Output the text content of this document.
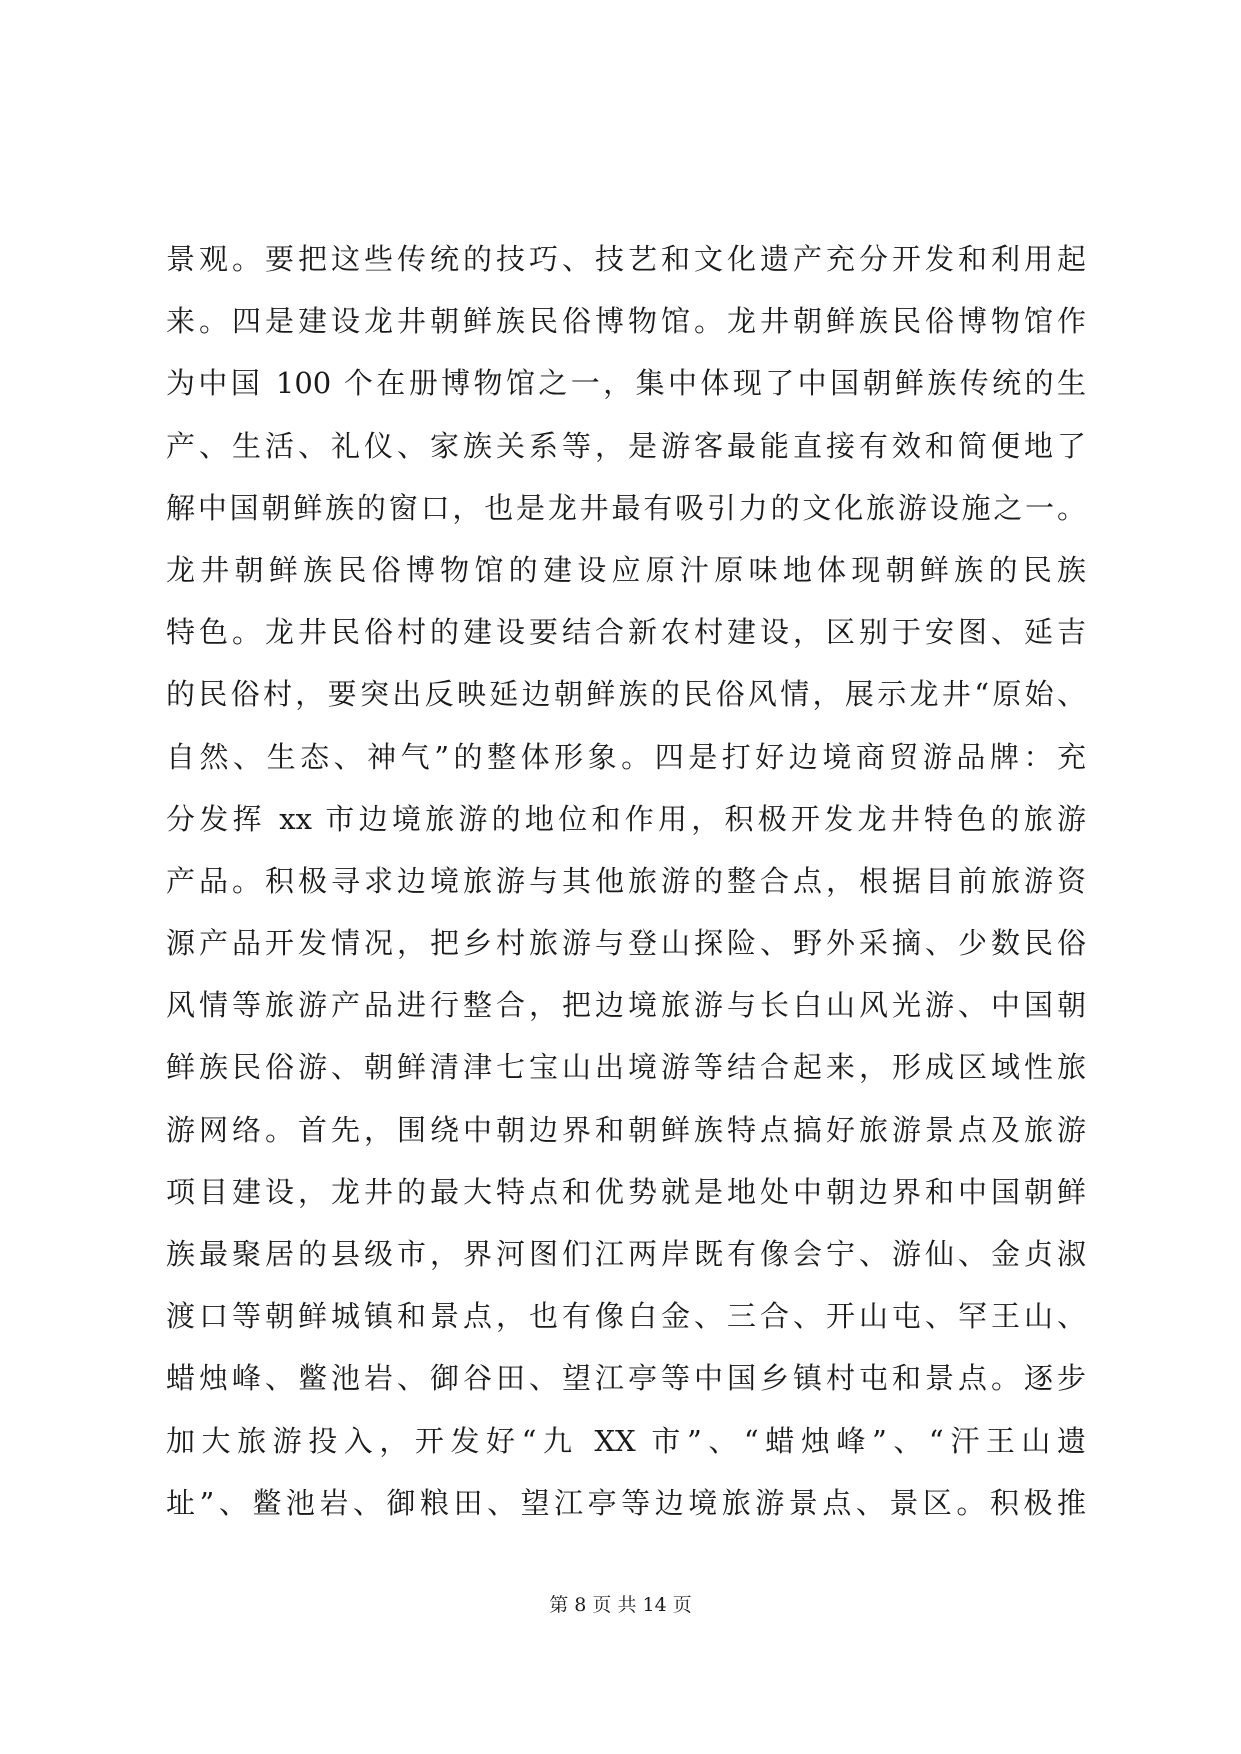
景观。要把这些传统的技巧、技艺和文化遗产充分开发和利用起
来。四是建设龙井朝鲜族民俗博物馆。龙井朝鲜族民俗博物馆作
为中国 100 个在册博物馆之一，集中体现了中国朝鲜族传统的生
产、生活、礼仪、家族关系等，是游客最能直接有效和简便地了
解中国朝鲜族的窗口，也是龙井最有吸引力的文化旅游设施之一。
龙井朝鲜族民俗博物馆的建设应原汁原味地体现朝鲜族的民族
特色。龙井民俗村的建设要结合新农村建设，区别于安图、延吉
的民俗村，要突出反映延边朝鲜族的民俗风情，展示龙井“原始、
自然、生态、神气”的整体形象。四是打好边境商贸游品牌：充
分发挥 xx 市边境旅游的地位和作用，积极开发龙井特色的旅游
产品。积极寻求边境旅游与其他旅游的整合点，根据目前旅游资
源产品开发情况，把乡村旅游与登山探险、野外采摘、少数民俗
风情等旅游产品进行整合，把边境旅游与长白山风光游、中国朝
鲜族民俗游、朝鲜清津七宝山出境游等结合起来，形成区域性旅
游网络。首先，围绕中朝边界和朝鲜族特点搞好旅游景点及旅游
项目建设，龙井的最大特点和优势就是地处中朝边界和中国朝鲜
族最聚居的县级市，界河图们江两岸既有像会宁、游仙、金贞淑
渡口等朝鲜城镇和景点，也有像白金、三合、开山屯、罕王山、
蜡烛峰、鳖池岩、御谷田、望江亭等中国乡镇村屯和景点。逐步
加大旅游投入，开发好“九 XX 市”、“蜡烛峰”、“汗王山遗
址”、鳖池岩、御粮田、望江亭等边境旅游景点、景区。积极推
第 8 页 共 14 页
